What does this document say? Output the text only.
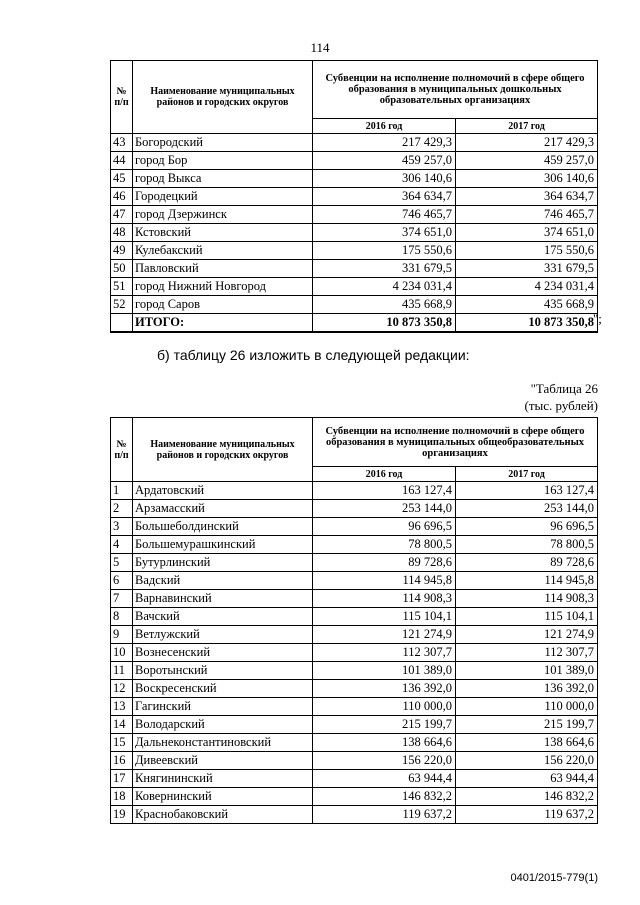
114
№ п/п	Наименование муниципальных районов и городских округов	Субвенции на исполнение полномочий в сфере общего образования в муниципальных дошкольных образовательных организациях	
		2016 год	2017 год
43	Богородский	217 429,3	217 429,3
44	город Бор	459 257,0	459 257,0
45	город Выкса	306 140,6	306 140,6
46	Городецкий	364 634,7	364 634,7
47	город Дзержинск	746 465,7	746 465,7
48	Кстовский	374 651,0	374 651,0
49	Кулебакский	175 550,6	175 550,6
50	Павловский	331 679,5	331 679,5
51	город Нижний Новгород	4 234 031,4	4 234 031,4
52	город Саров	435 668,9	435 668,9
	ИТОГО:	10 873 350,8	10 873 350,8 ";
б) таблицу 26 изложить в следующей редакции:
"Таблица 26
(тыс. рублей)
№ п/п	Наименование муниципальных районов и городских округов	Субвенции на исполнение полномочий в сфере общего образования в муниципальных общеобразовательных организациях	
		2016 год	2017 год
1	Ардатовский	163 127,4	163 127,4
2	Арзамасский	253 144,0	253 144,0
3	Большеболдинский	96 696,5	96 696,5
4	Большемурашкинский	78 800,5	78 800,5
5	Бутурлинский	89 728,6	89 728,6
6	Вадский	114 945,8	114 945,8
7	Варнавинский	114 908,3	114 908,3
8	Вачский	115 104,1	115 104,1
9	Ветлужский	121 274,9	121 274,9
10	Вознесенский	112 307,7	112 307,7
11	Воротынский	101 389,0	101 389,0
12	Воскресенский	136 392,0	136 392,0
13	Гагинский	110 000,0	110 000,0
14	Володарский	215 199,7	215 199,7
15	Дальнеконстантиновский	138 664,6	138 664,6
16	Дивеевский	156 220,0	156 220,0
17	Княгининский	63 944,4	63 944,4
18	Ковернинский	146 832,2	146 832,2
19	Краснобаковский	119 637,2	119 637,2
0401/2015-779(1)
